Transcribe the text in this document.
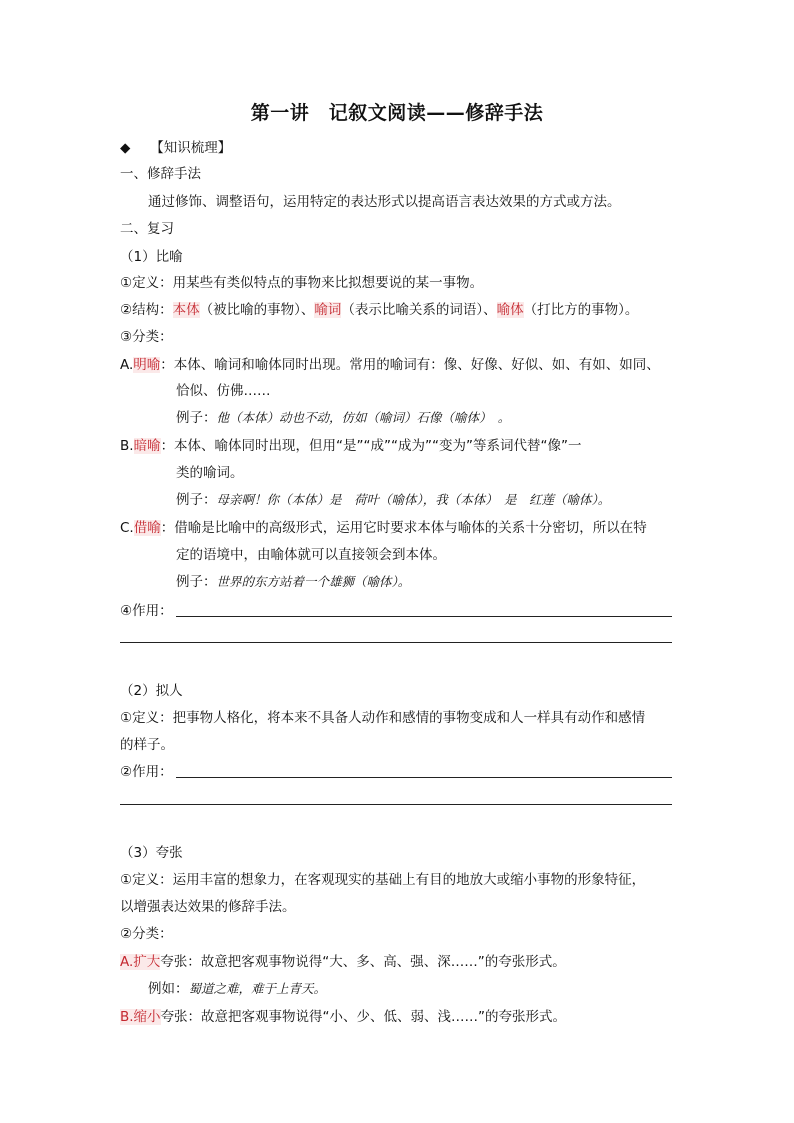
第一讲　记叙文阅读——修辞手法
◆ 【知识梳理】
一、修辞手法
通过修饰、调整语句，运用特定的表达形式以提高语言表达效果的方式或方法。
二、复习
（1）比喻
①定义：用某些有类似特点的事物来比拟想要说的某一事物。
②结构：本体（被比喻的事物）、喻词（表示比喻关系的词语）、喻体（打比方的事物）。
③分类：
A.明喻：本体、喻词和喻体同时出现。常用的喻词有：像、好像、好似、如、有如、如同、
恰似、仿佛……
例子：他（本体）动也不动，仿如（喻词）石像（喻体）　。
B.暗喻：本体、喻体同时出现，但用“是”“成”“成为”“变为”等系词代替“像”一
类的喻词。
例子：母亲啊！你（本体）是　荷叶（喻体），我（本体）　是　红莲（喻体）。
C.借喻：借喻是比喻中的高级形式，运用它时要求本体与喻体的关系十分密切，所以在特
定的语境中，由喻体就可以直接领会到本体。
例子：世界的东方站着一个雄狮（喻体）。
④作用：
（2）拟人
①定义：把事物人格化，将本来不具备人动作和感情的事物变成和人一样具有动作和感情
的样子。
②作用：
（3）夸张
①定义：运用丰富的想象力，在客观现实的基础上有目的地放大或缩小事物的形象特征，
以增强表达效果的修辞手法。
②分类：
A.扩大夸张：故意把客观事物说得“大、多、高、强、深……”的夸张形式。
例如：蜀道之难，难于上青天。
B.缩小夸张：故意把客观事物说得“小、少、低、弱、浅……”的夸张形式。
